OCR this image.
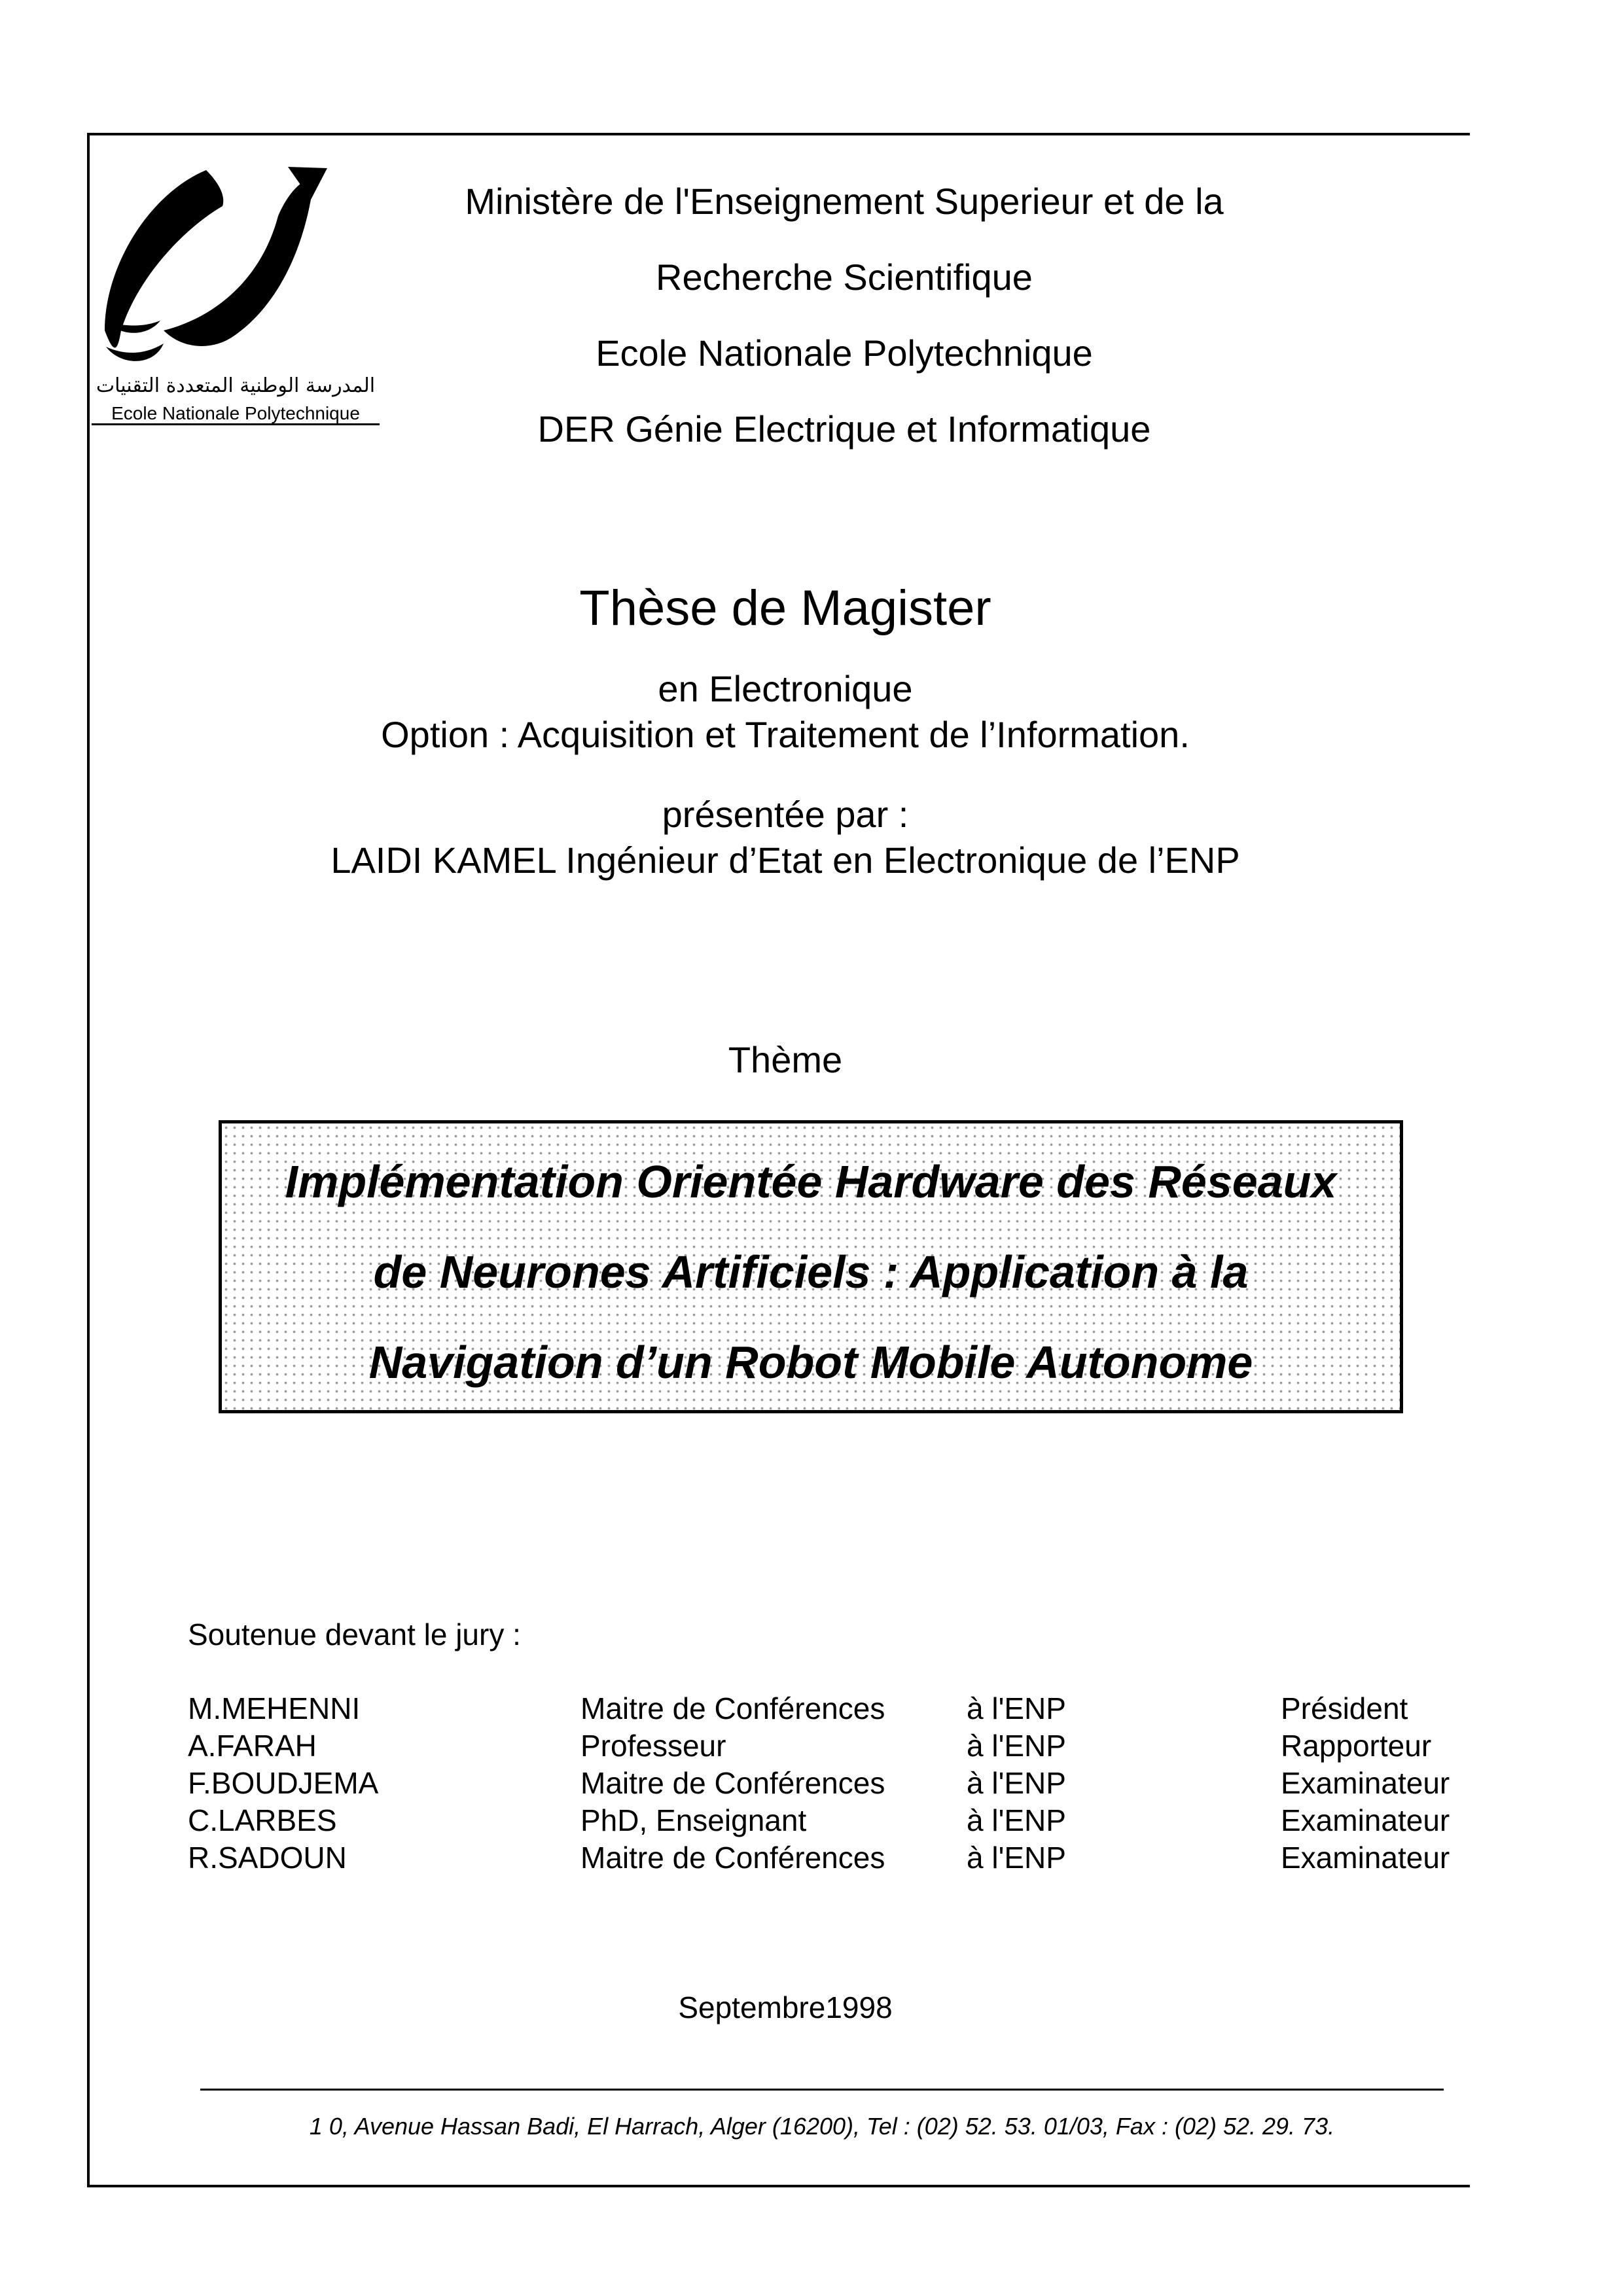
المدرسة الوطنية المتعددة التقنيات
Ecole Nationale Polytechnique
Ministère de l'Enseignement Superieur et de la
Recherche Scientifique
Ecole Nationale Polytechnique
DER Génie Electrique et Informatique
Thèse de Magister
en Electronique
Option : Acquisition et Traitement de l’Information.
présentée par :
LAIDI KAMEL Ingénieur d’Etat en Electronique de l’ENP
Thème
Implémentation Orientée Hardware des Réseaux
de Neurones Artificiels : Application à la
Navigation d’un Robot Mobile Autonome
Soutenue devant le jury :
M.MEHENNI	Maitre de Conférences	à l'ENP	Président
A.FARAH	Professeur	à l'ENP	Rapporteur
F.BOUDJEMA	Maitre de Conférences	à l'ENP	Examinateur
C.LARBES	PhD, Enseignant	à l'ENP	Examinateur
R.SADOUN	Maitre de Conférences	à l'ENP	Examinateur
Septembre1998
1 0, Avenue Hassan Badi, El Harrach, Alger (16200), Tel : (02) 52. 53. 01/03, Fax : (02) 52. 29. 73.
